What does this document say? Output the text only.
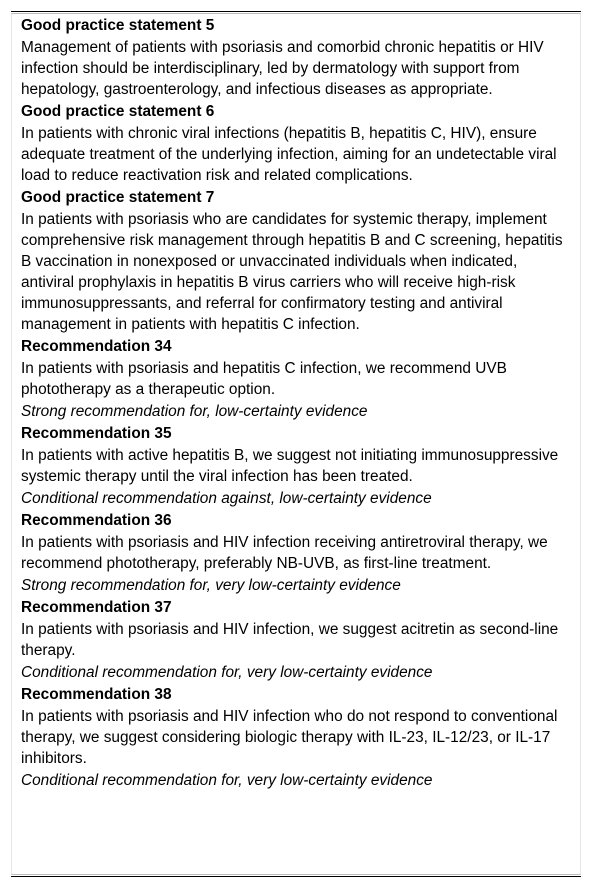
Good practice statement 5

Management of patients with psoriasis and comorbid chronic hepatitis or HIV infection should be interdisciplinary, led by dermatology with support from hepatology, gastroenterology, and infectious diseases as appropriate.

Good practice statement 6

In patients with chronic viral infections (hepatitis B, hepatitis C, HIV), ensure adequate treatment of the underlying infection, aiming for an undetectable viral load to reduce reactivation risk and related complications.

Good practice statement 7

In patients with psoriasis who are candidates for systemic therapy, implement comprehensive risk management through hepatitis B and C screening, hepatitis B vaccination in nonexposed or unvaccinated individuals when indicated, antiviral prophylaxis in hepatitis B virus carriers who will receive high-risk immunosuppressants, and referral for confirmatory testing and antiviral management in patients with hepatitis C infection.

Recommendation 34

In patients with psoriasis and hepatitis C infection, we recommend UVB phototherapy as a therapeutic option.

Strong recommendation for, low-certainty evidence

Recommendation 35

In patients with active hepatitis B, we suggest not initiating immunosuppressive systemic therapy until the viral infection has been treated.

Conditional recommendation against, low-certainty evidence

Recommendation 36

In patients with psoriasis and HIV infection receiving antiretroviral therapy, we recommend phototherapy, preferably NB-UVB, as first-line treatment.

Strong recommendation for, very low-certainty evidence

Recommendation 37

In patients with psoriasis and HIV infection, we suggest acitretin as second-line therapy.

Conditional recommendation for, very low-certainty evidence

Recommendation 38

In patients with psoriasis and HIV infection who do not respond to conventional therapy, we suggest considering biologic therapy with IL-23, IL-12/23, or IL-17 inhibitors.

Conditional recommendation for, very low-certainty evidence
